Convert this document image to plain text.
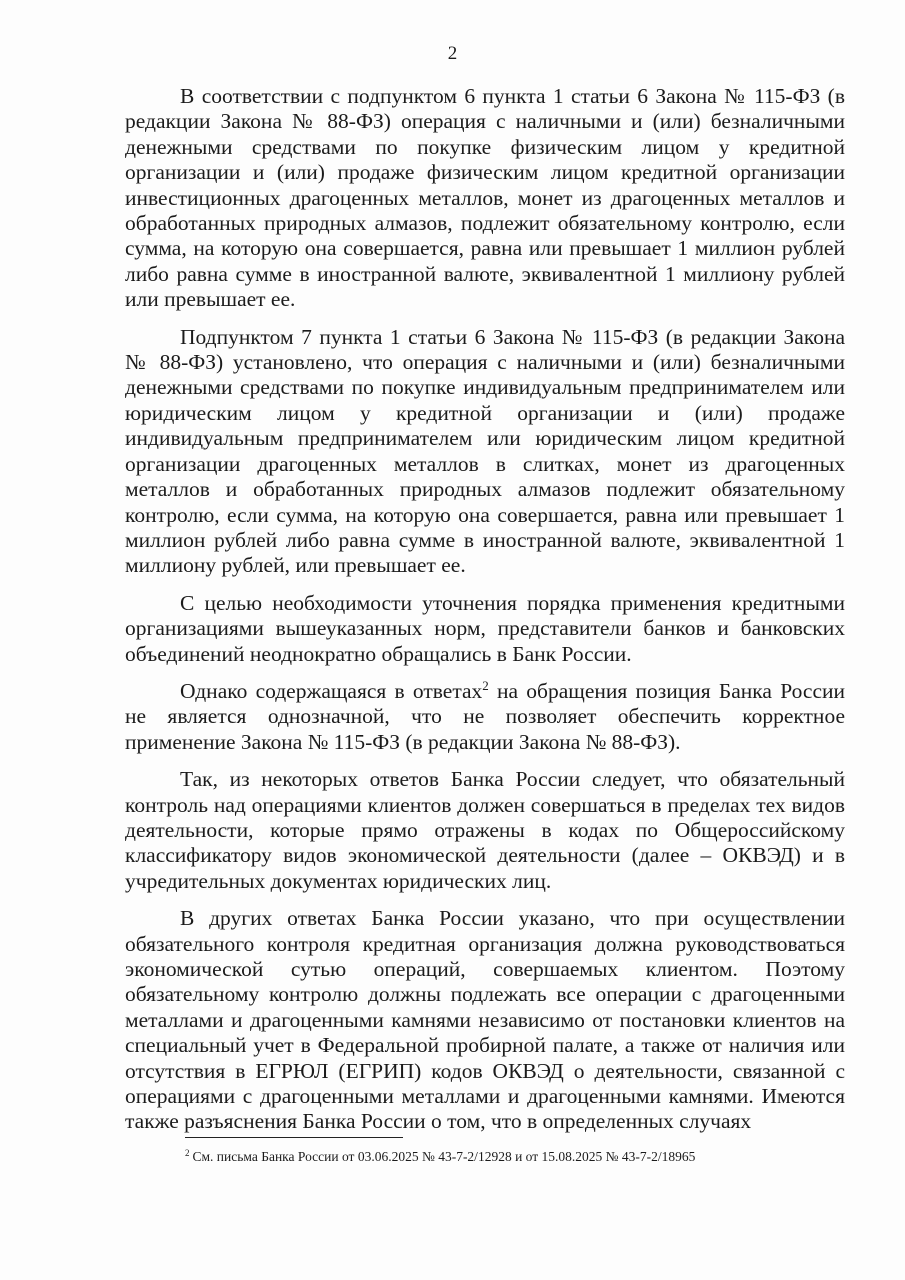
2

В соответствии с подпунктом 6 пункта 1 статьи 6 Закона № 115-ФЗ (в редакции Закона № 88-ФЗ) операция с наличными и (или) безналичными денежными средствами по покупке физическим лицом у кредитной организации и (или) продаже физическим лицом кредитной организации инвестиционных драгоценных металлов, монет из драгоценных металлов и обработанных природных алмазов, подлежит обязательному контролю, если сумма, на которую она совершается, равна или превышает 1 миллион рублей либо равна сумме в иностранной валюте, эквивалентной 1 миллиону рублей или превышает ее.

Подпунктом 7 пункта 1 статьи 6 Закона № 115-ФЗ (в редакции Закона № 88-ФЗ) установлено, что операция с наличными и (или) безналичными денежными средствами по покупке индивидуальным предпринимателем или юридическим лицом у кредитной организации и (или) продаже индивидуальным предпринимателем или юридическим лицом кредитной организации драгоценных металлов в слитках, монет из драгоценных металлов и обработанных природных алмазов подлежит обязательному контролю, если сумма, на которую она совершается, равна или превышает 1 миллион рублей либо равна сумме в иностранной валюте, эквивалентной 1 миллиону рублей, или превышает ее.

С целью необходимости уточнения порядка применения кредитными организациями вышеуказанных норм, представители банков и банковских объединений неоднократно обращались в Банк России.

Однако содержащаяся в ответах$^2$ на обращения позиция Банка России не является однозначной, что не позволяет обеспечить корректное применение Закона № 115-ФЗ (в редакции Закона № 88-ФЗ).

Так, из некоторых ответов Банка России следует, что обязательный контроль над операциями клиентов должен совершаться в пределах тех видов деятельности, которые прямо отражены в кодах по Общероссийскому классификатору видов экономической деятельности (далее – ОКВЭД) и в учредительных документах юридических лиц.

В других ответах Банка России указано, что при осуществлении обязательного контроля кредитная организация должна руководствоваться экономической сутью операций, совершаемых клиентом. Поэтому обязательному контролю должны подлежать все операции с драгоценными металлами и драгоценными камнями независимо от постановки клиентов на специальный учет в Федеральной пробирной палате, а также от наличия или отсутствия в ЕГРЮЛ (ЕГРИП) кодов ОКВЭД о деятельности, связанной с операциями с драгоценными металлами и драгоценными камнями. Имеются также разъяснения Банка России о том, что в определенных случаях

$^2$ См. письма Банка России от 03.06.2025 № 43-7-2/12928 и от 15.08.2025 № 43-7-2/18965
